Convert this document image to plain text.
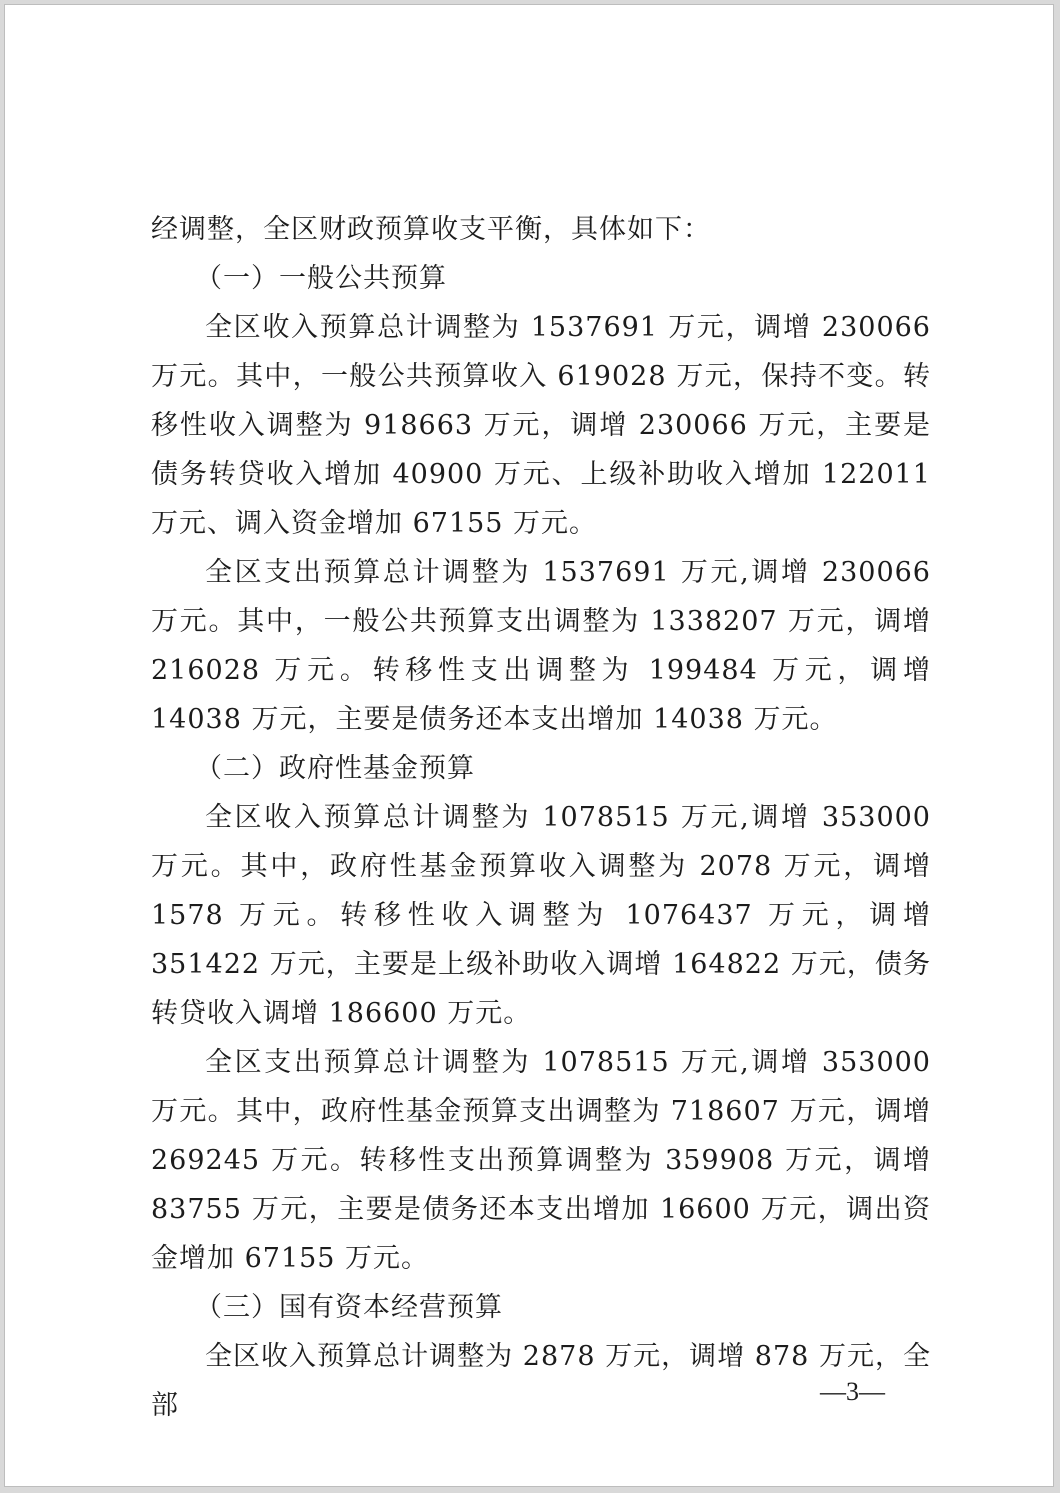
经调整，全区财政预算收支平衡，具体如下：

（一）一般公共预算

全区收入预算总计调整为 1537691 万元，调增 230066 万元。其中，一般公共预算收入 619028 万元，保持不变。转移性收入调整为 918663 万元，调增 230066 万元，主要是债务转贷收入增加 40900 万元、上级补助收入增加 122011 万元、调入资金增加 67155 万元。

全区支出预算总计调整为 1537691 万元,调增 230066 万元。其中，一般公共预算支出调整为 1338207 万元，调增 216028 万元。转移性支出调整为 199484 万元，调增 14038 万元，主要是债务还本支出增加 14038 万元。

（二）政府性基金预算

全区收入预算总计调整为 1078515 万元,调增 353000 万元。其中，政府性基金预算收入调整为 2078 万元，调增 1578 万元。转移性收入调整为 1076437 万元，调增 351422 万元，主要是上级补助收入调增 164822 万元，债务转贷收入调增 186600 万元。

全区支出预算总计调整为 1078515 万元,调增 353000 万元。其中，政府性基金预算支出调整为 718607 万元，调增 269245 万元。转移性支出预算调整为 359908 万元，调增 83755 万元，主要是债务还本支出增加 16600 万元，调出资金增加 67155 万元。

（三）国有资本经营预算

全区收入预算总计调整为 2878 万元，调增 878 万元，全部	—3—
